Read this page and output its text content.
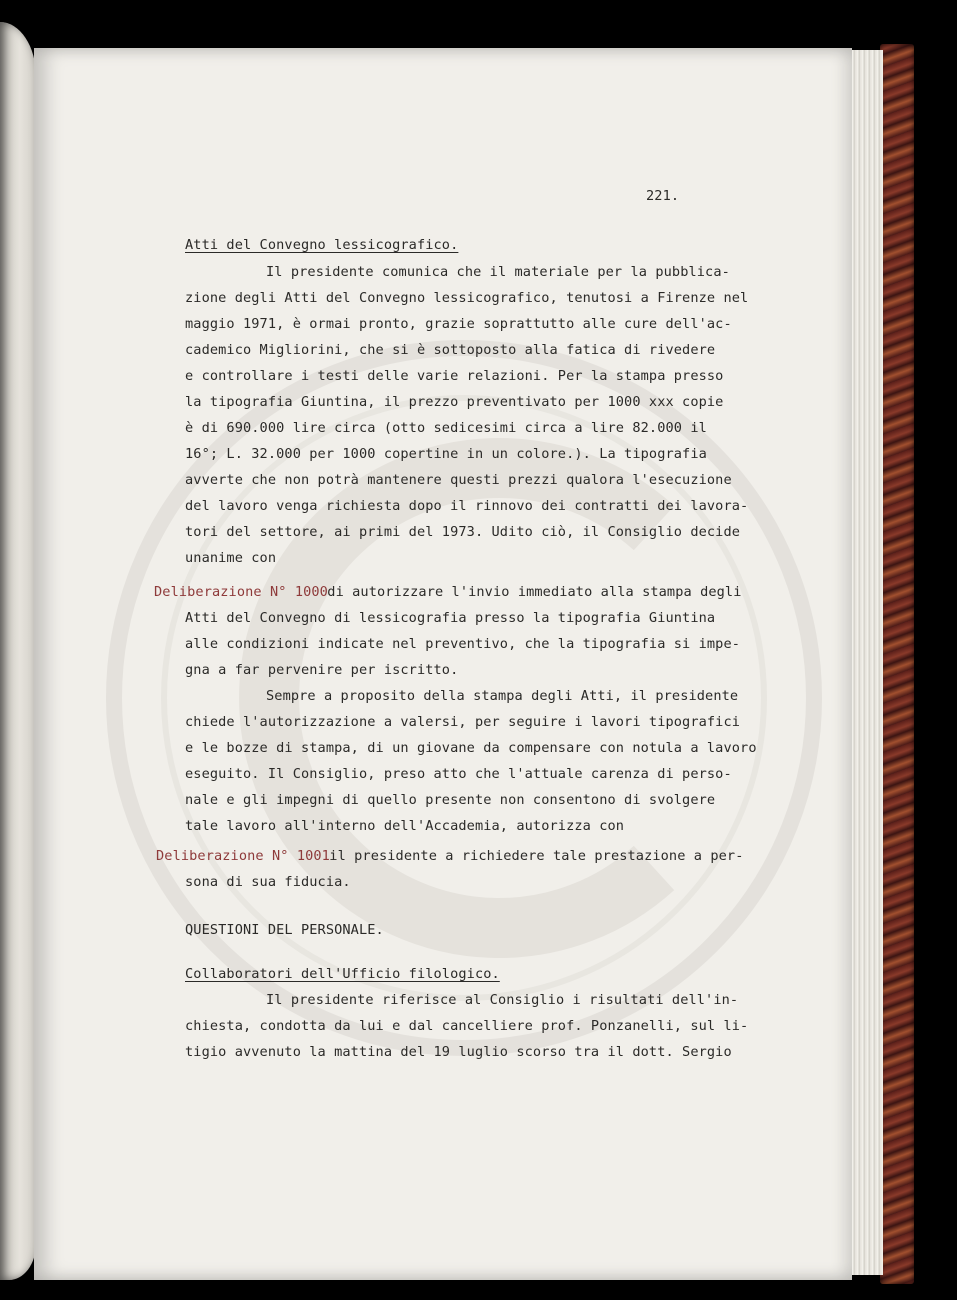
221.
Atti del Convegno lessicografico.
Il presidente comunica che il materiale per la pubblica-
zione degli Atti del Convegno lessicografico, tenutosi a Firenze nel
maggio 1971, è ormai pronto, grazie soprattutto alle cure dell'ac-
cademico Migliorini, che si è sottoposto alla fatica di rivedere
e controllare i testi delle varie relazioni. Per la stampa presso
la tipografia Giuntina, il prezzo preventivato per 1000 xxx copie
è di 690.000 lire circa (otto sedicesimi circa a lire 82.000 il
16°; L. 32.000 per 1000 copertine in un colore.). La tipografia
avverte che non potrà mantenere questi prezzi qualora l'esecuzione
del lavoro venga richiesta dopo il rinnovo dei contratti dei lavora-
tori del settore, ai primi del 1973. Udito ciò, il Consiglio decide
unanime con
Deliberazione N° 1000
di autorizzare l'invio immediato alla stampa degli
Atti del Convegno di lessicografia presso la tipografia Giuntina
alle condizioni indicate nel preventivo, che la tipografia si impe-
gna a far pervenire per iscritto.
Sempre a proposito della stampa degli Atti, il presidente
chiede l'autorizzazione a valersi, per seguire i lavori tipografici
e le bozze di stampa, di un giovane da compensare con notula a lavoro
eseguito. Il Consiglio, preso atto che l'attuale carenza di perso-
nale e gli impegni di quello presente non consentono di svolgere
tale lavoro all'interno dell'Accademia, autorizza con
Deliberazione N° 1001
il presidente a richiedere tale prestazione a per-
sona di sua fiducia.
QUESTIONI DEL PERSONALE.
Collaboratori dell'Ufficio filologico.
Il presidente riferisce al Consiglio i risultati dell'in-
chiesta, condotta da lui e dal cancelliere prof. Ponzanelli, sul li-
tigio avvenuto la mattina del 19 luglio scorso tra il dott. Sergio
